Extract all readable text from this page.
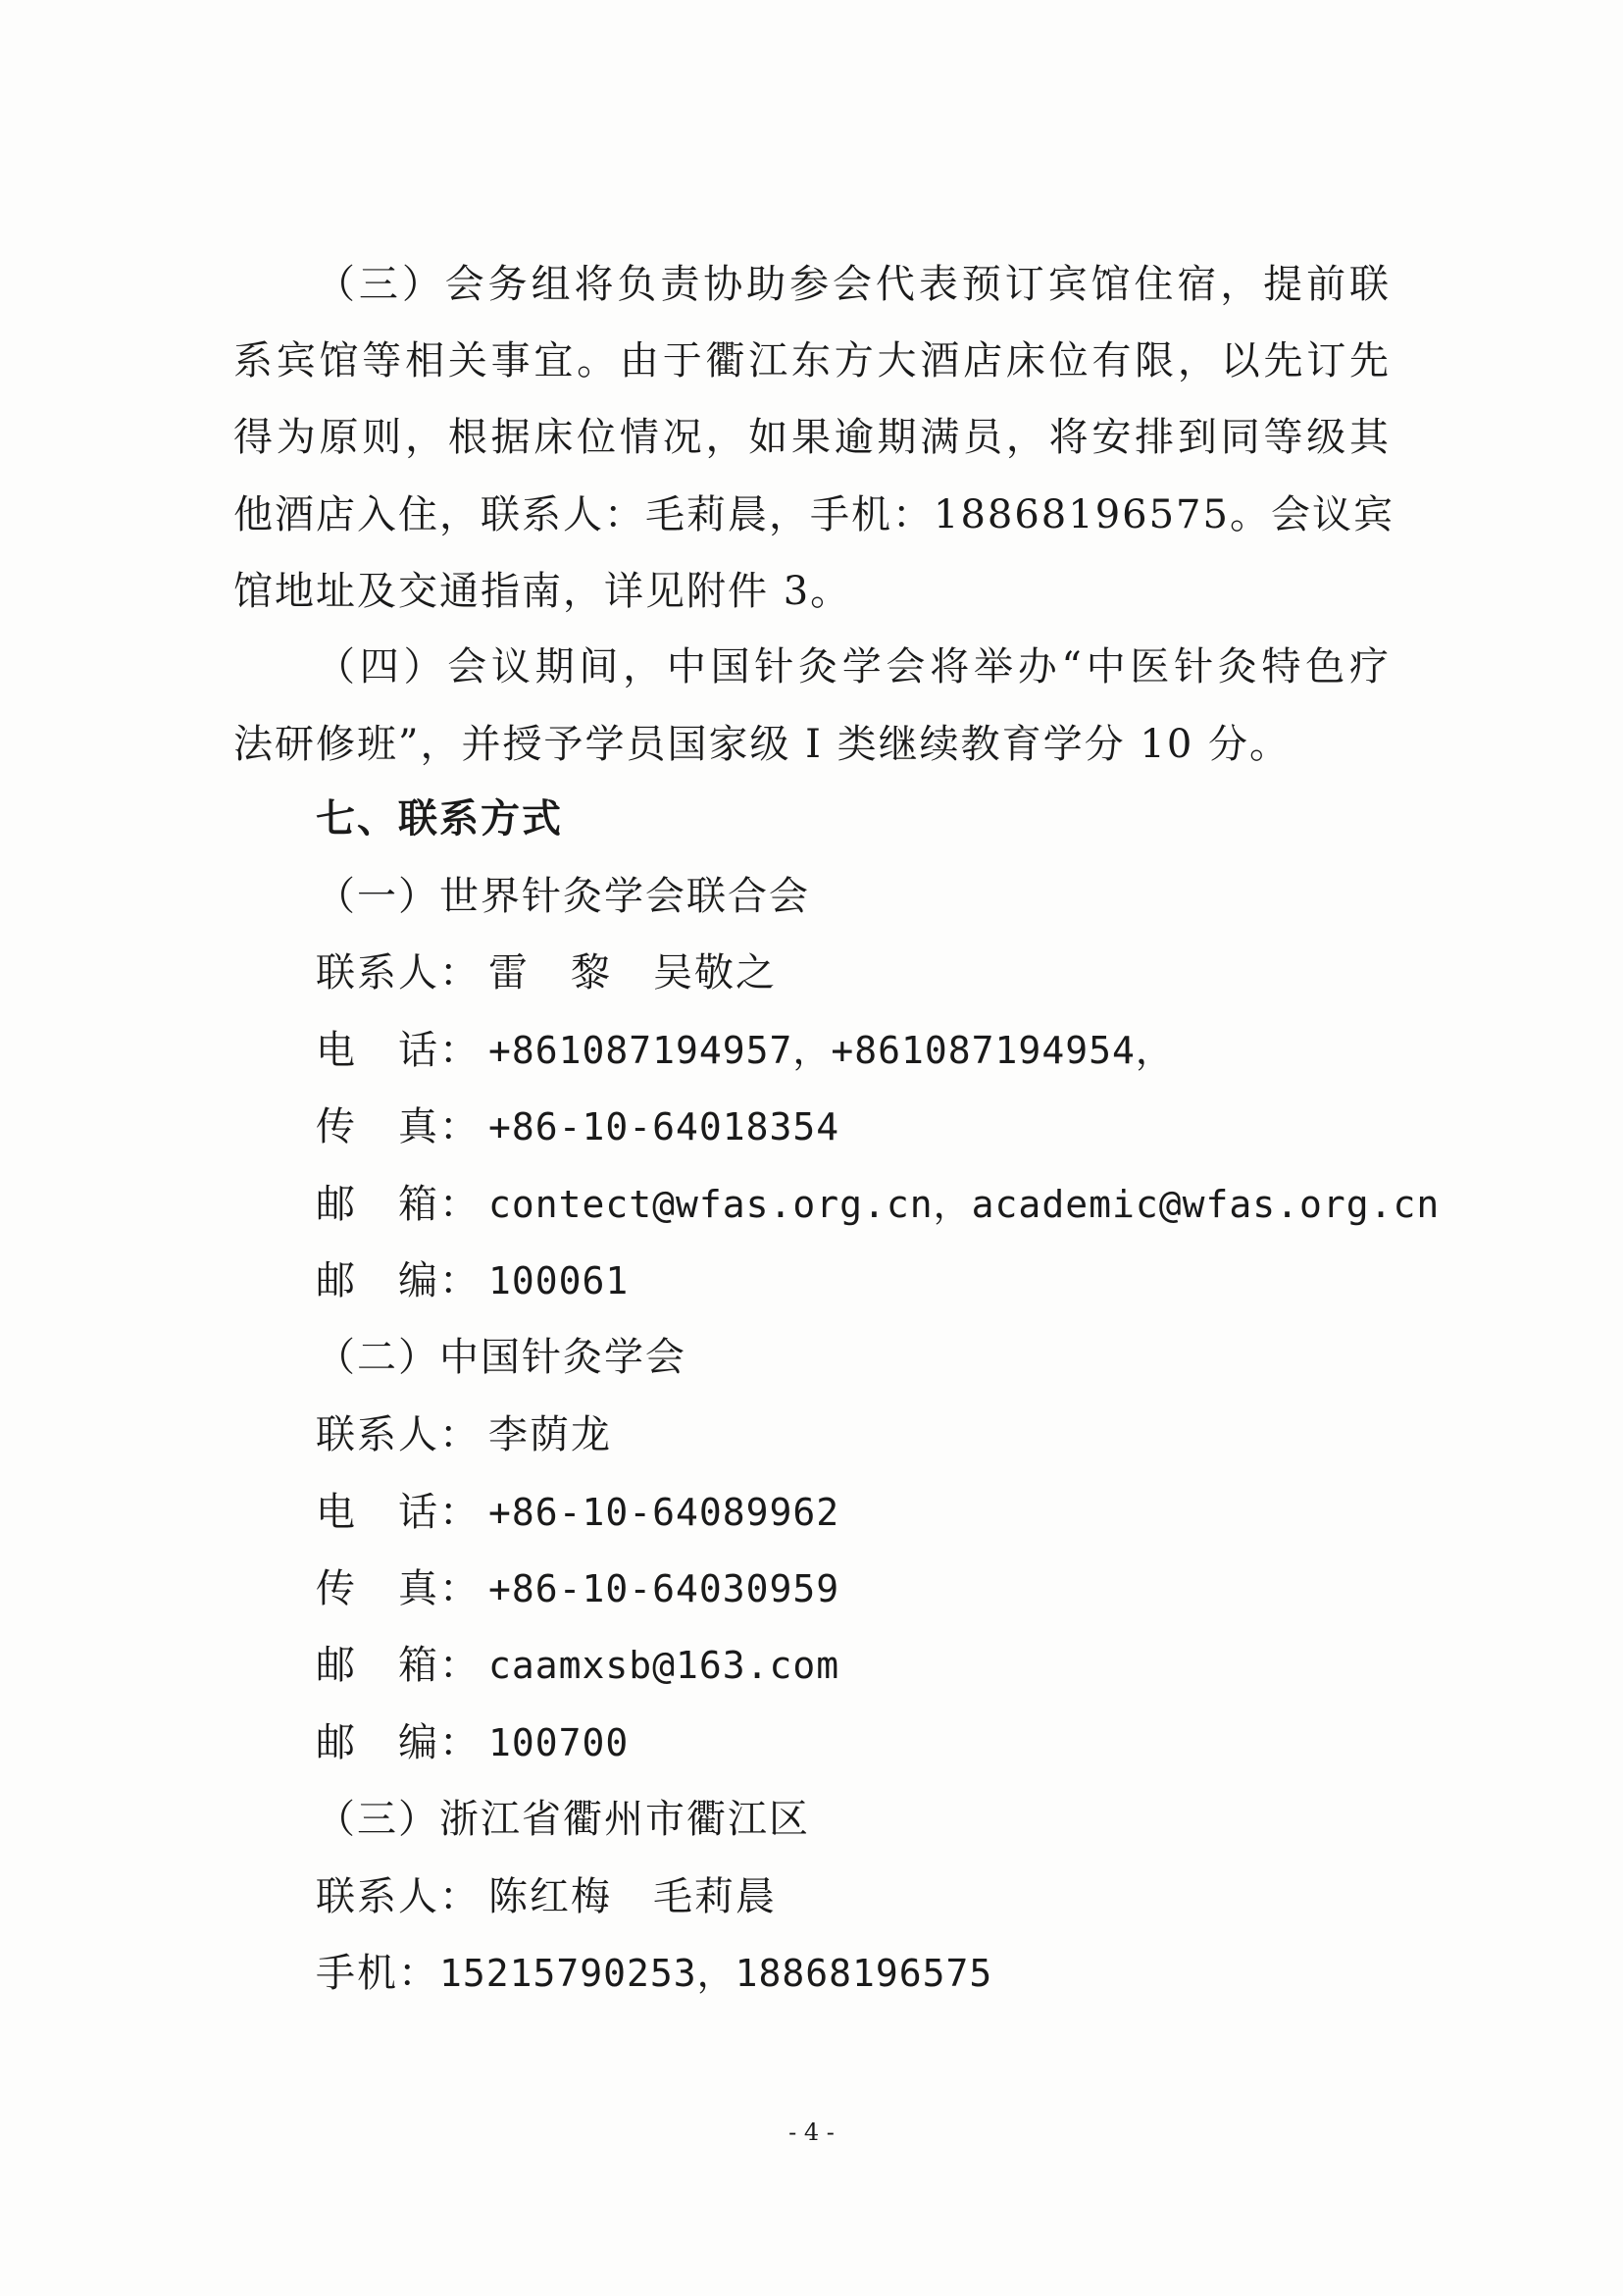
（三）会务组将负责协助参会代表预订宾馆住宿，提前联
系宾馆等相关事宜。由于衢江东方大酒店床位有限，以先订先
得为原则，根据床位情况，如果逾期满员，将安排到同等级其
他酒店入住，联系人：毛莉晨，手机：18868196575。会议宾
馆地址及交通指南，详见附件 3。
（四）会议期间，中国针灸学会将举办“中医针灸特色疗
法研修班”，并授予学员国家级 I 类继续教育学分 10 分。
七、联系方式
（一）世界针灸学会联合会
联系人： 雷　黎　吴敬之
电　话： +861087194957，+861087194954，
传　真： +86-10-64018354
邮　箱： contect@wfas.org.cn，academic@wfas.org.cn
邮　编： 100061
（二）中国针灸学会
联系人： 李荫龙
电　话： +86-10-64089962
传　真： +86-10-64030959
邮　箱： caamxsb@163.com
邮　编： 100700
（三）浙江省衢州市衢江区
联系人： 陈红梅　毛莉晨
手机：15215790253，18868196575
- 4 -
